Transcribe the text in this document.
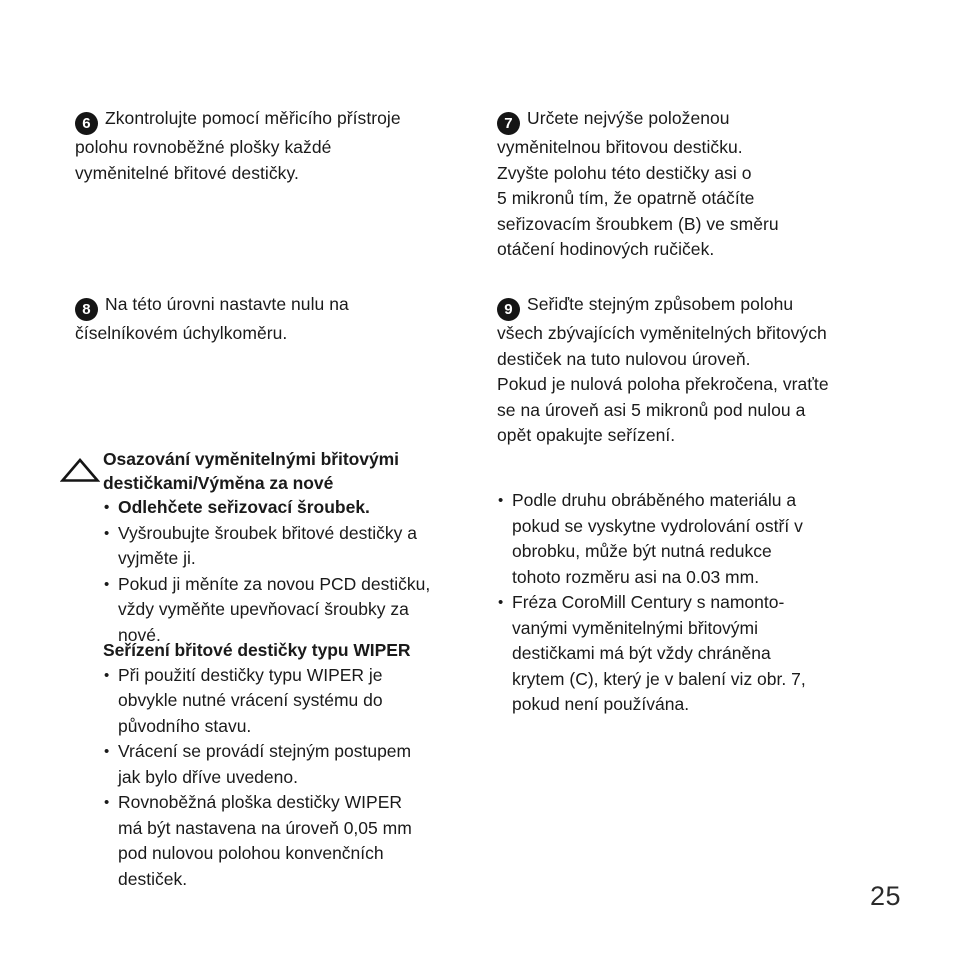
6 Zkontrolujte pomocí měřicího přístroje

polohu rovnoběžné plošky každé

vyměnitelné břitové destičky.

7 Určete nejvýše položenou

vyměnitelnou břitovou destičku.

Zvyšte polohu této destičky asi o

5 mikronů tím, že opatrně otáčíte

seřizovacím šroubkem (B) ve směru

otáčení hodinových ručiček.

8 Na této úrovni nastavte nulu na

číselníkovém úchylkoměru.

9 Seřiďte stejným způsobem polohu

všech zbývajících vyměnitelných břitových

destiček na tuto nulovou úroveň.

Pokud je nulová poloha překročena, vraťte

se na úroveň asi 5 mikronů pod nulou a

opět opakujte seřízení.

Osazování vyměnitelnými břitovými
destičkami/Výměna za nové
• Odlehčete seřizovací šroubek.
• Vyšroubujte šroubek břitové destičky a
vyjměte ji.
• Pokud ji měníte za novou PCD destičku,
vždy vyměňte upevňovací šroubky za
nové.
Seřízení břitové destičky typu WIPER
• Při použití destičky typu WIPER je
obvykle nutné vrácení systému do
původního stavu.
• Vrácení se provádí stejným postupem
jak bylo dříve uvedeno.
• Rovnoběžná ploška destičky WIPER
má být nastavena na úroveň 0,05 mm
pod nulovou polohou konvenčních
destiček.
• Podle druhu obráběného materiálu a
pokud se vyskytne vydrolování ostří v
obrobku, může být nutná redukce
tohoto rozměru asi na 0.03 mm.
• Fréza CoroMill Century s namonto-
vanými vyměnitelnými břitovými
destičkami má být vždy chráněna
krytem (C), který je v balení viz obr. 7,
pokud není používána.
25
